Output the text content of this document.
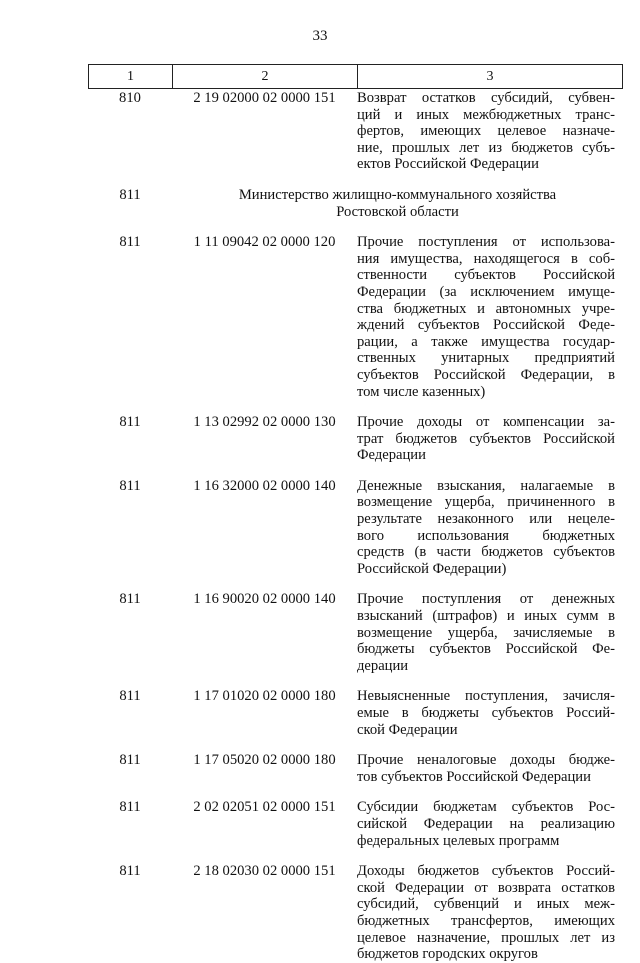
33
1	2	3
810	2 19 02000 02 0000 151	Возврат остатков субсидий, субвен-
ций и иных межбюджетных транс-
фертов, имеющих целевое назначе-
ние, прошлых лет из бюджетов субъ-
ектов Российской Федерации
811	Министерство жилищно-коммунального хозяйства
Ростовской области
811	1 11 09042 02 0000 120	Прочие поступления от использова-
ния имущества, находящегося в соб-
ственности субъектов Российской
Федерации (за исключением имуще-
ства бюджетных и автономных учре-
ждений субъектов Российской Феде-
рации, а также имущества государ-
ственных унитарных предприятий
субъектов Российской Федерации, в
том числе казенных)
811	1 13 02992 02 0000 130	Прочие доходы от компенсации за-
трат бюджетов субъектов Российской
Федерации
811	1 16 32000 02 0000 140	Денежные взыскания, налагаемые в
возмещение ущерба, причиненного в
результате незаконного или нецеле-
вого использования бюджетных
средств (в части бюджетов субъектов
Российской Федерации)
811	1 16 90020 02 0000 140	Прочие поступления от денежных
взысканий (штрафов) и иных сумм в
возмещение ущерба, зачисляемые в
бюджеты субъектов Российской Фе-
дерации
811	1 17 01020 02 0000 180	Невыясненные поступления, зачисля-
емые в бюджеты субъектов Россий-
ской Федерации
811	1 17 05020 02 0000 180	Прочие неналоговые доходы бюдже-
тов субъектов Российской Федерации
811	2 02 02051 02 0000 151	Субсидии бюджетам субъектов Рос-
сийской Федерации на реализацию
федеральных целевых программ
811	2 18 02030 02 0000 151	Доходы бюджетов субъектов Россий-
ской Федерации от возврата остатков
субсидий, субвенций и иных меж-
бюджетных трансфертов, имеющих
целевое назначение, прошлых лет из
бюджетов городских округов
